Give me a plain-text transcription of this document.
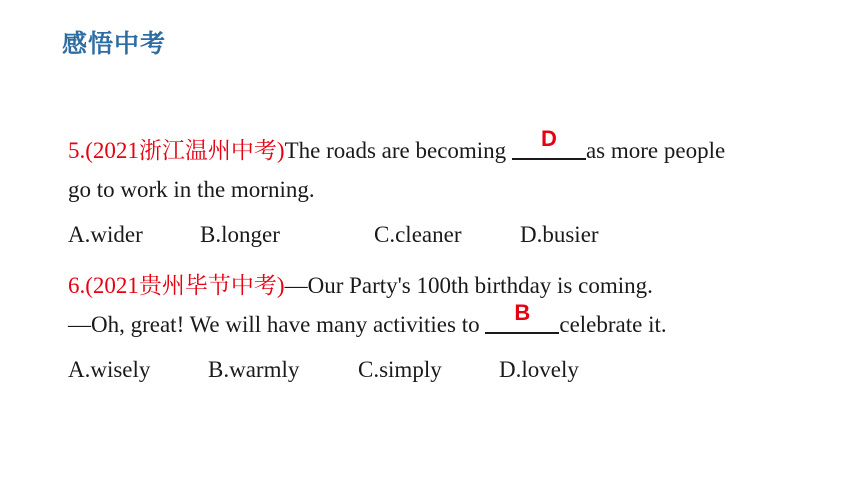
感悟中考
5.(2021浙江温州中考)The roads are becoming	D	as more people
go to work in the morning.
A.wider B.longer	C.cleaner	D.busier
6.(2021贵州毕节中考)—Our Party's 100th birthday is coming.
—Oh, great! We will have many activities to	B	celebrate it.
A.wisely	B.warmly	C.simply D.lovely
